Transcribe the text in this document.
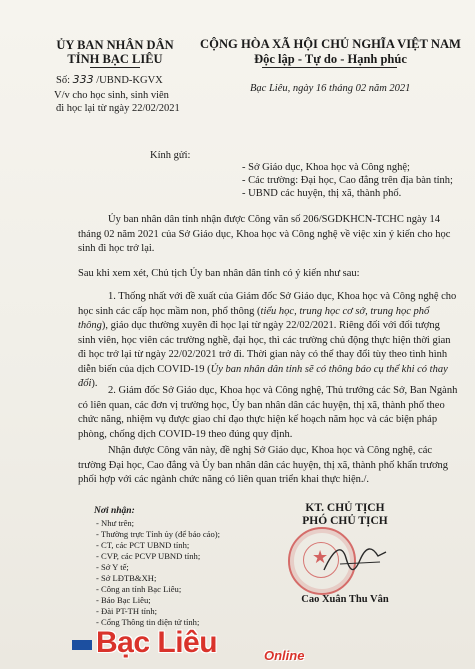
ỦY BAN NHÂN DÂN
TỈNH BẠC LIÊU
Số: 333 /UBND-KGVX
V/v cho học sinh, sinh viên
đi học lại từ ngày 22/02/2021
CỘNG HÒA XÃ HỘI CHỦ NGHĨA VIỆT NAM
Độc lập - Tự do - Hạnh phúc
Bạc Liêu, ngày 16 tháng 02 năm 2021
Kính gửi:
- Sở Giáo dục, Khoa học và Công nghệ;
- Các trường: Đại học, Cao đẳng trên địa bàn tỉnh;
- UBND các huyện, thị xã, thành phố.

Ủy ban nhân dân tỉnh nhận được Công văn số 206/SGDKHCN-TCHC ngày 14 tháng 02 năm 2021 của Sở Giáo dục, Khoa học và Công nghệ về việc xin ý kiến cho học sinh đi học trở lại.

Sau khi xem xét, Chủ tịch Ủy ban nhân dân tỉnh có ý kiến như sau:

1. Thống nhất với đề xuất của Giám đốc Sở Giáo dục, Khoa học và Công nghệ cho học sinh các cấp học mầm non, phổ thông (tiểu học, trung học cơ sở, trung học phổ thông), giáo dục thường xuyên đi học lại từ ngày 22/02/2021. Riêng đối với đối tượng sinh viên, học viên các trường nghề, đại học, thì các trường chủ động thực hiện thời gian đi học trở lại từ ngày 22/02/2021 trở đi. Thời gian này có thể thay đổi tùy theo tình hình diễn biến của dịch COVID-19 (Ủy ban nhân dân tỉnh sẽ có thông báo cụ thể khi có thay đổi).

2. Giám đốc Sở Giáo dục, Khoa học và Công nghệ, Thủ trưởng các Sở, Ban Ngành có liên quan, các đơn vị trường học, Ủy ban nhân dân các huyện, thị xã, thành phố theo chức năng, nhiệm vụ được giao chỉ đạo thực hiện kế hoạch năm học và các biện pháp phòng, chống dịch COVID-19 theo đúng quy định.

Nhận được Công văn này, đề nghị Sở Giáo dục, Khoa học và Công nghệ, các trường Đại học, Cao đẳng và Ủy ban nhân dân các huyện, thị xã, thành phố khẩn trương phối hợp với các ngành chức năng có liên quan triển khai thực hiện./.

Nơi nhận:
- Như trên;
- Thường trực Tỉnh ủy (để báo cáo);
- CT, các PCT UBND tỉnh;
- CVP, các PCVP UBND tỉnh;
- Sở Y tế;
- Sở LĐTB&XH;
- Công an tỉnh Bạc Liêu;
- Báo Bạc Liêu;
- Đài PT-TH tỉnh;
- Cổng Thông tin điện tử tỉnh;
KT. CHỦ TỊCH
PHÓ CHỦ TỊCH
★
Cao Xuân Thu Vân
Bạc Liêu	Online
